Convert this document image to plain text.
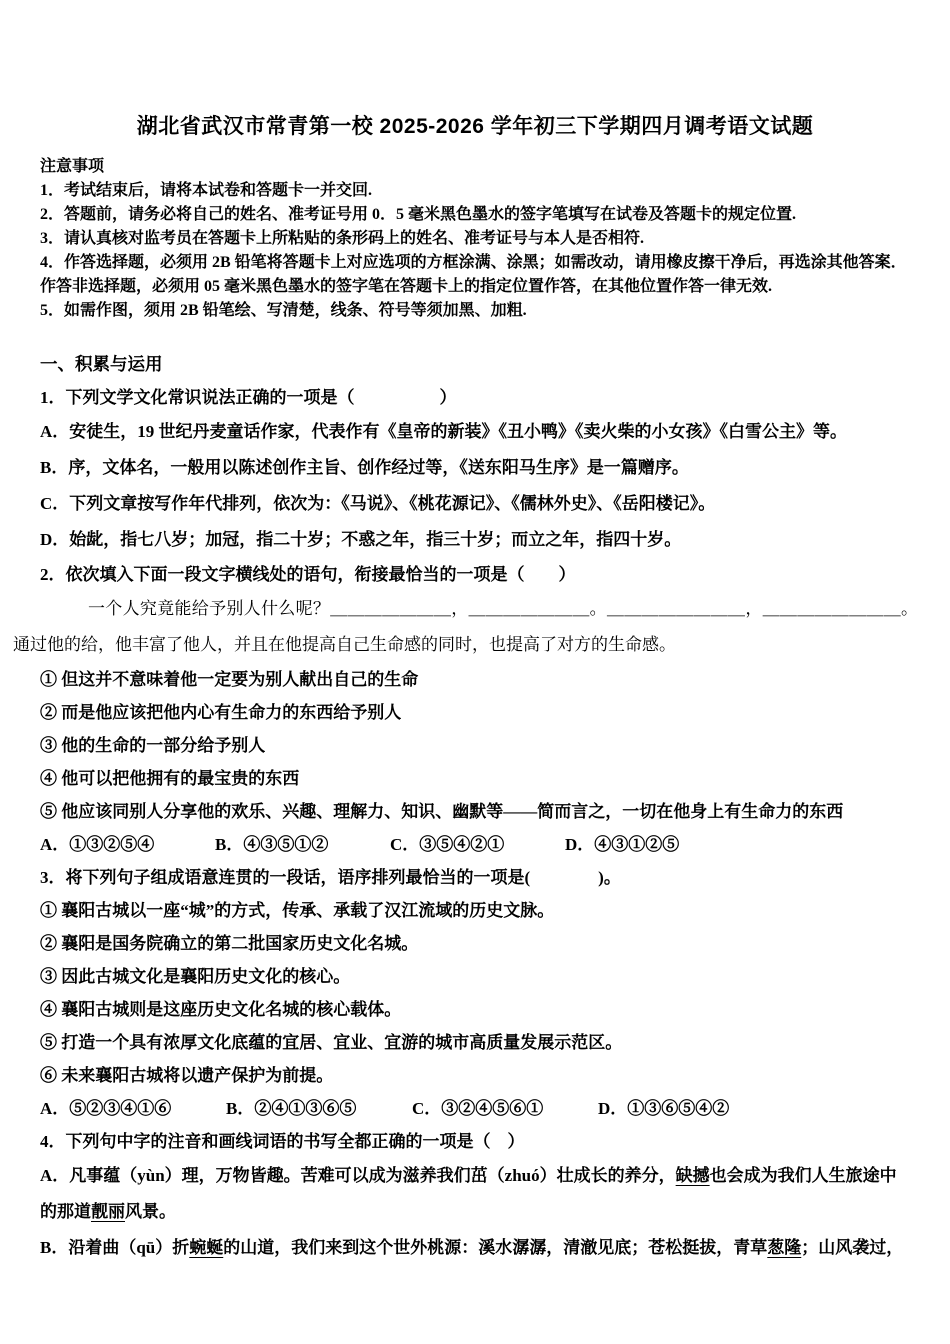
湖北省武汉市常青第一校 2025-2026 学年初三下学期四月调考语文试题

注意事项

1．考试结束后，请将本试卷和答题卡一并交回.

2．答题前，请务必将自己的姓名、准考证号用 0．5 毫米黑色墨水的签字笔填写在试卷及答题卡的规定位置.

3．请认真核对监考员在答题卡上所粘贴的条形码上的姓名、准考证号与本人是否相符.

4．作答选择题，必须用 2B 铅笔将答题卡上对应选项的方框涂满、涂黑；如需改动，请用橡皮擦干净后，再选涂其他答案．作答非选择题，必须用 05 毫米黑色墨水的签字笔在答题卡上的指定位置作答，在其他位置作答一律无效.

5．如需作图，须用 2B 铅笔绘、写清楚，线条、符号等须加黑、加粗.

一、积累与运用

1．下列文学文化常识说法正确的一项是（　　　　　）

A．安徒生，19 世纪丹麦童话作家，代表作有《皇帝的新装》《丑小鸭》《卖火柴的小女孩》《白雪公主》等。

B．序，文体名，一般用以陈述创作主旨、创作经过等，《送东阳马生序》是一篇赠序。

C．下列文章按写作年代排列，依次为：《马说》、《桃花源记》、《儒林外史》、《岳阳楼记》。

D．始龀，指七八岁；加冠，指二十岁；不惑之年，指三十岁；而立之年，指四十岁。

2．依次填入下面一段文字横线处的语句，衔接最恰当的一项是（　　）

一个人究竟能给予别人什么呢？＿＿＿＿＿＿＿，＿＿＿＿＿＿＿。＿＿＿＿＿＿＿＿，＿＿＿＿＿＿＿＿。通过他的给，他丰富了他人，并且在他提高自己生命感的同时，也提高了对方的生命感。

① 但这并不意味着他一定要为别人献出自己的生命

② 而是他应该把他内心有生命力的东西给予别人

③ 他的生命的一部分给予别人

④ 他可以把他拥有的最宝贵的东西

⑤ 他应该同别人分享他的欢乐、兴趣、理解力、知识、幽默等——简而言之，一切在他身上有生命力的东西

A．①③②⑤④	B．④③⑤①②	C．③⑤④②①	D．④③①②⑤

3．将下列句子组成语意连贯的一段话，语序排列最恰当的一项是(　　　　)。

① 襄阳古城以一座“城”的方式，传承、承载了汉江流域的历史文脉。

② 襄阳是国务院确立的第二批国家历史文化名城。

③ 因此古城文化是襄阳历史文化的核心。

④ 襄阳古城则是这座历史文化名城的核心载体。

⑤ 打造一个具有浓厚文化底蕴的宜居、宜业、宜游的城市高质量发展示范区。

⑥ 未来襄阳古城将以遗产保护为前提。

A．⑤②③④①⑥	B．②④①③⑥⑤	C．③②④⑤⑥①	D．①③⑥⑤④②

4．下列句中字的注音和画线词语的书写全都正确的一项是（　）

A．凡事蕴（yùn）理，万物皆趣。苦难可以成为滋养我们茁（zhuó）壮成长的养分，缺撼也会成为我们人生旅途中的那道靓丽风景。

B．沿着曲（qū）折蜿蜒的山道，我们来到这个世外桃源：溪水潺潺，清澈见底；苍松挺拔，青草葱隆；山风袭过，
